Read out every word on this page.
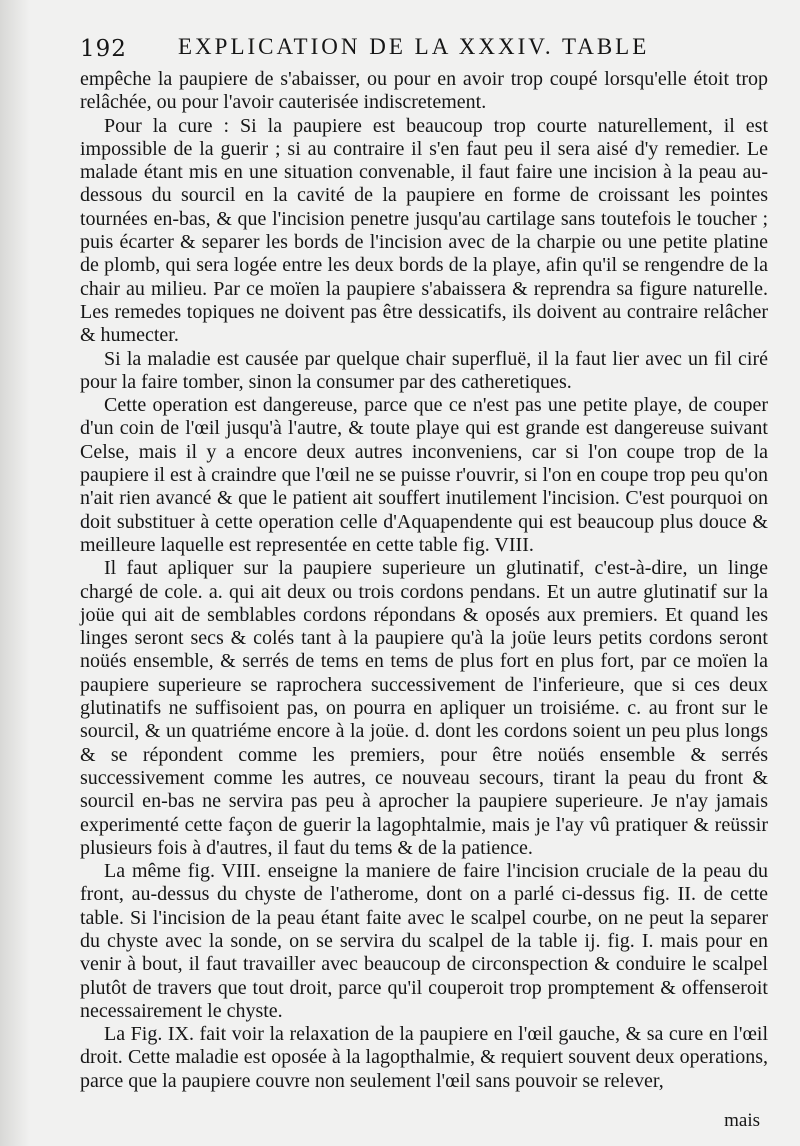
192 EXPLICATION DE LA XXXIV. TABLE

empêche la paupiere de s'abaisser, ou pour en avoir trop coupé lorsqu'elle étoit trop relâchée, ou pour l'avoir cauterisée indiscretement.

Pour la cure : Si la paupiere est beaucoup trop courte naturellement, il est impossible de la guerir ; si au contraire il s'en faut peu il sera aisé d'y remedier. Le malade étant mis en une situation convenable, il faut faire une incision à la peau au-dessous du sourcil en la cavité de la paupiere en forme de croissant les pointes tournées en-bas, & que l'incision penetre jusqu'au cartilage sans toutefois le toucher ; puis écarter & separer les bords de l'incision avec de la charpie ou une petite platine de plomb, qui sera logée entre les deux bords de la playe, afin qu'il se rengendre de la chair au milieu. Par ce moïen la paupiere s'abaissera & reprendra sa figure naturelle. Les remedes topiques ne doivent pas être dessicatifs, ils doivent au contraire relâcher & humecter.

Si la maladie est causée par quelque chair superfluë, il la faut lier avec un fil ciré pour la faire tomber, sinon la consumer par des catheretiques.

Cette operation est dangereuse, parce que ce n'est pas une petite playe, de couper d'un coin de l'œil jusqu'à l'autre, & toute playe qui est grande est dangereuse suivant Celse, mais il y a encore deux autres inconveniens, car si l'on coupe trop de la paupiere il est à craindre que l'œil ne se puisse r'ouvrir, si l'on en coupe trop peu qu'on n'ait rien avancé & que le patient ait souffert inutilement l'incision. C'est pourquoi on doit substituer à cette operation celle d'Aquapendente qui est beaucoup plus douce & meilleure laquelle est representée en cette table fig. VIII.

Il faut apliquer sur la paupiere superieure un glutinatif, c'est-à-dire, un linge chargé de cole. a. qui ait deux ou trois cordons pendans. Et un autre glutinatif sur la joüe qui ait de semblables cordons répondans & oposés aux premiers. Et quand les linges seront secs & colés tant à la paupiere qu'à la joüe leurs petits cordons seront noüés ensemble, & serrés de tems en tems de plus fort en plus fort, par ce moïen la paupiere superieure se raprochera successivement de l'inferieure, que si ces deux glutinatifs ne suffisoient pas, on pourra en apliquer un troisiéme. c. au front sur le sourcil, & un quatriéme encore à la joüe. d. dont les cordons soient un peu plus longs & se répondent comme les premiers, pour être noüés ensemble & serrés successivement comme les autres, ce nouveau secours, tirant la peau du front & sourcil en-bas ne servira pas peu à aprocher la paupiere superieure. Je n'ay jamais experimenté cette façon de guerir la lagophtalmie, mais je l'ay vû pratiquer & reüssir plusieurs fois à d'autres, il faut du tems & de la patience.

La même fig. VIII. enseigne la maniere de faire l'incision cruciale de la peau du front, au-dessus du chyste de l'atherome, dont on a parlé ci-dessus fig. II. de cette table. Si l'incision de la peau étant faite avec le scalpel courbe, on ne peut la separer du chyste avec la sonde, on se servira du scalpel de la table ij. fig. I. mais pour en venir à bout, il faut travailler avec beaucoup de circonspection & conduire le scalpel plutôt de travers que tout droit, parce qu'il couperoit trop promptement & offenseroit necessairement le chyste.

La Fig. IX. fait voir la relaxation de la paupiere en l'œil gauche, & sa cure en l'œil droit. Cette maladie est oposée à la lagopthalmie, & requiert souvent deux operations, parce que la paupiere couvre non seulement l'œil sans pouvoir se relever,

mais
